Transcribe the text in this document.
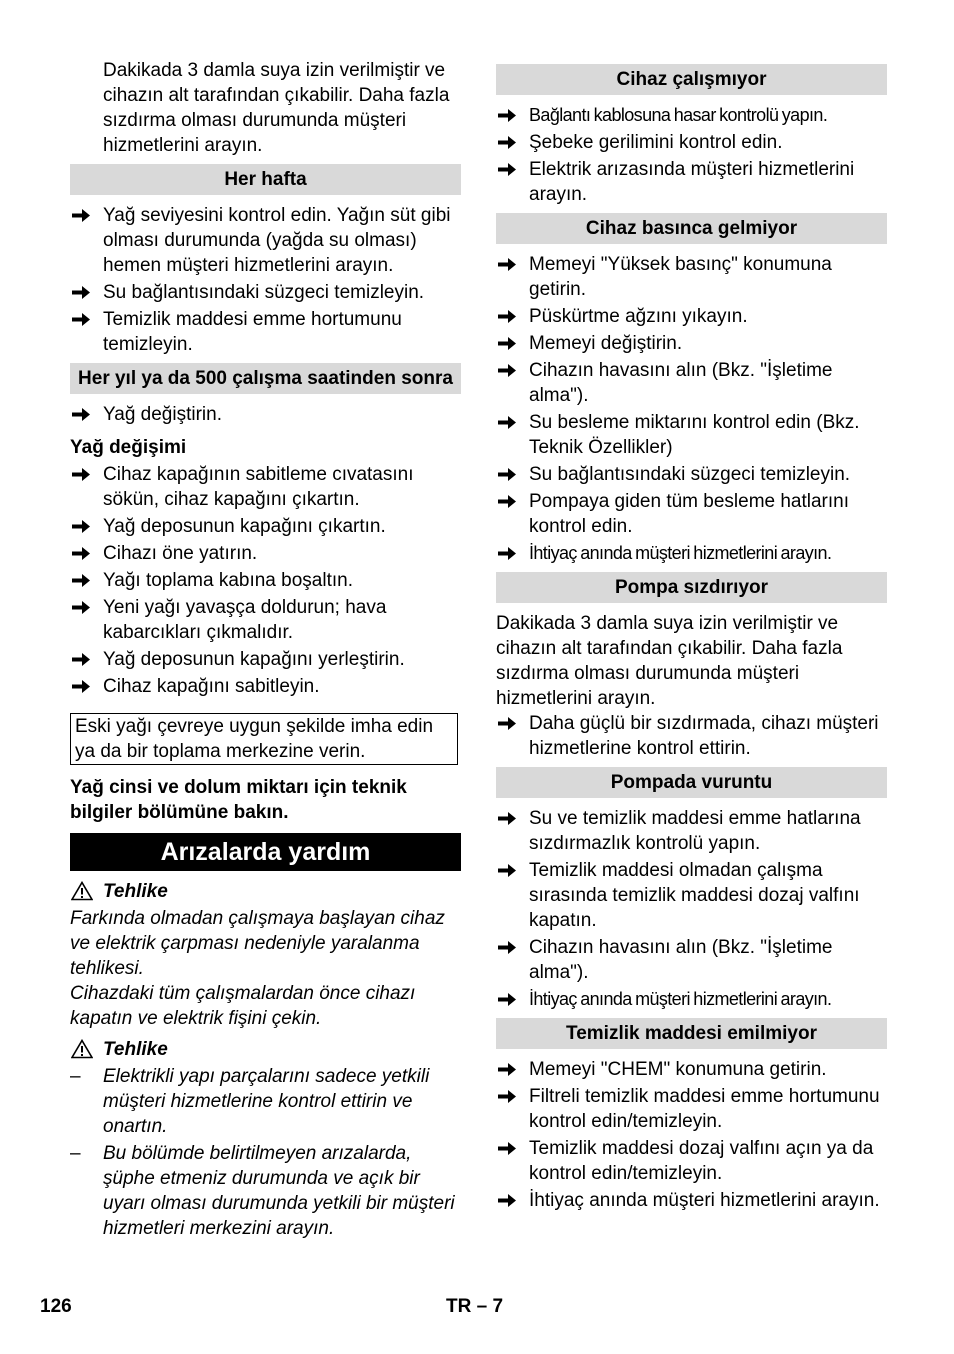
Dakikada 3 damla suya izin verilmiştir ve cihazın alt tarafından çıkabilir. Daha fazla sızdırma olması durumunda müşteri hizmetlerini arayın.

Her hafta
Yağ seviyesini kontrol edin. Yağın süt gibi olması durumunda (yağda su olması) hemen müşteri hizmetlerini arayın.
Su bağlantısındaki süzgeci temizleyin.
Temizlik maddesi emme hortumunu temizleyin.
Her yıl ya da 500 çalışma saatinden sonra
Yağ değiştirin.
Yağ değişimi
Cihaz kapağının sabitleme cıvatasını sökün, cihaz kapağını çıkartın.
Yağ deposunun kapağını çıkartın.
Cihazı öne yatırın.
Yağı toplama kabına boşaltın.
Yeni yağı yavaşça doldurun; hava kabarcıkları çıkmalıdır.
Yağ deposunun kapağını yerleştirin.
Cihaz kapağını sabitleyin.
Eski yağı çevreye uygun şekilde imha edin ya da bir toplama merkezine verin.
Yağ cinsi ve dolum miktarı için teknik bilgiler bölümüne bakın.
Arızalarda yardım
Tehlike
Farkında olmadan çalışmaya başlayan cihaz ve elektrik çarpması nedeniyle yaralanma tehlikesi.
Cihazdaki tüm çalışmalardan önce cihazı kapatın ve elektrik fişini çekin.
Tehlike
– Elektrikli yapı parçalarını sadece yetkili müşteri hizmetlerine kontrol ettirin ve onartın.
– Bu bölümde belirtilmeyen arızalarda, şüphe etmeniz durumunda ve açık bir uyarı olması durumunda yetkili bir müşteri hizmetleri merkezini arayın.
Cihaz çalışmıyor
Bağlantı kablosuna hasar kontrolü yapın.
Şebeke gerilimini kontrol edin.
Elektrik arızasında müşteri hizmetlerini arayın.
Cihaz basınca gelmiyor
Memeyi "Yüksek basınç" konumuna getirin.
Püskürtme ağzını yıkayın.
Memeyi değiştirin.
Cihazın havasını alın (Bkz. "İşletime alma").
Su besleme miktarını kontrol edin (Bkz. Teknik Özellikler)
Su bağlantısındaki süzgeci temizleyin.
Pompaya giden tüm besleme hatlarını kontrol edin.
İhtiyaç anında müşteri hizmetlerini arayın.
Pompa sızdırıyor

Dakikada 3 damla suya izin verilmiştir ve cihazın alt tarafından çıkabilir. Daha fazla sızdırma olması durumunda müşteri hizmetlerini arayın.

Daha güçlü bir sızdırmada, cihazı müşteri hizmetlerine kontrol ettirin.
Pompada vuruntu
Su ve temizlik maddesi emme hatlarına sızdırmazlık kontrolü yapın.
Temizlik maddesi olmadan çalışma sırasında temizlik maddesi dozaj valfını kapatın.
Cihazın havasını alın (Bkz. "İşletime alma").
İhtiyaç anında müşteri hizmetlerini arayın.
Temizlik maddesi emilmiyor
Memeyi "CHEM" konumuna getirin.
Filtreli temizlik maddesi emme hortumunu kontrol edin/temizleyin.
Temizlik maddesi dozaj valfını açın ya da kontrol edin/temizleyin.
İhtiyaç anında müşteri hizmetlerini arayın.
126	TR – 7
